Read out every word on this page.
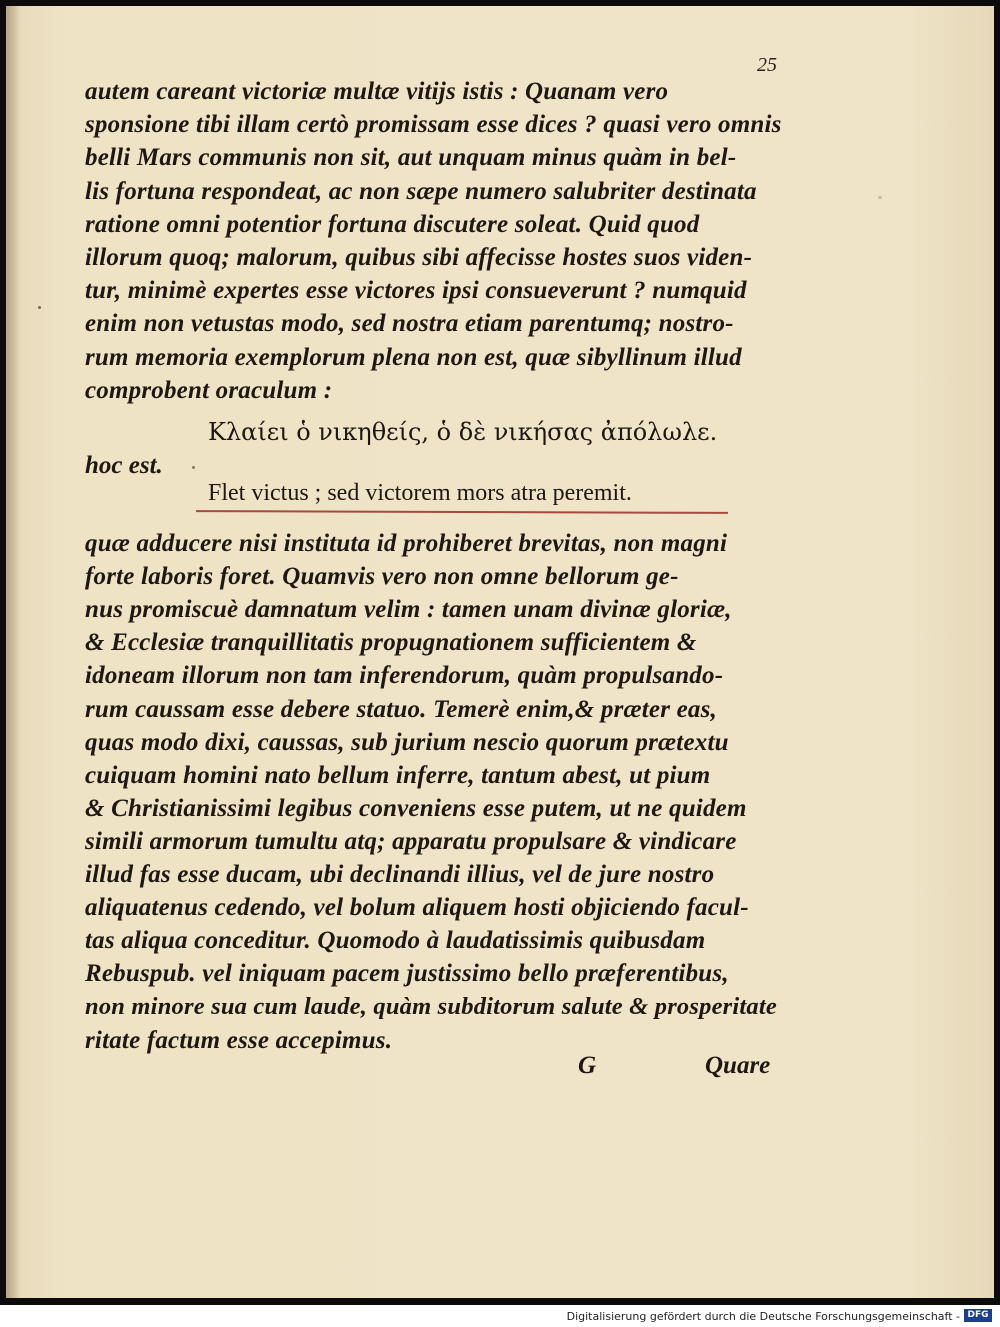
25
autem careant victoriæ multæ vitijs istis : Quanam vero
sponsione tibi illam certò promissam esse dices ? quasi vero omnis
belli Mars communis non sit, aut unquam minus quàm in bel-
lis fortuna respondeat, ac non sæpe numero salubriter destinata
ratione omni potentior fortuna discutere soleat. Quid quod
illorum quoq; malorum, quibus sibi affecisse hostes suos viden-
tur, minimè expertes esse victores ipsi consueverunt ? numquid
enim non vetustas modo, sed nostra etiam parentumq; nostro-
rum memoria exemplorum plena non est, quæ sibyllinum illud
comprobent oraculum :
Κλαίει ὁ νικηθείς, ὁ δὲ νικήσας ἀπόλωλε.
hoc est.
Flet victus ; sed victorem mors atra peremit.
quæ adducere nisi instituta id prohiberet brevitas, non magni
forte laboris foret. Quamvis vero non omne bellorum ge-
nus promiscuè damnatum velim : tamen unam divinæ gloriæ,
& Ecclesiæ tranquillitatis propugnationem sufficientem &
idoneam illorum non tam inferendorum, quàm propulsando-
rum caussam esse debere statuo. Temerè enim,& præter eas,
quas modo dixi, caussas, sub jurium nescio quorum prætextu
cuiquam homini nato bellum inferre, tantum abest, ut pium
& Christianissimi legibus conveniens esse putem, ut ne quidem
simili armorum tumultu atq; apparatu propulsare & vindicare
illud fas esse ducam, ubi declinandi illius, vel de jure nostro
aliquatenus cedendo, vel bolum aliquem hosti objiciendo facul-
tas aliqua conceditur. Quomodo à laudatissimis quibusdam
Rebuspub. vel iniquam pacem justissimo bello præferentibus,
non minore sua cum laude, quàm subditorum salute & prosperitate
ritate factum esse accepimus.
G	Quare
Digitalisierung gefördert durch die Deutsche Forschungsgemeinschaft - DFG
